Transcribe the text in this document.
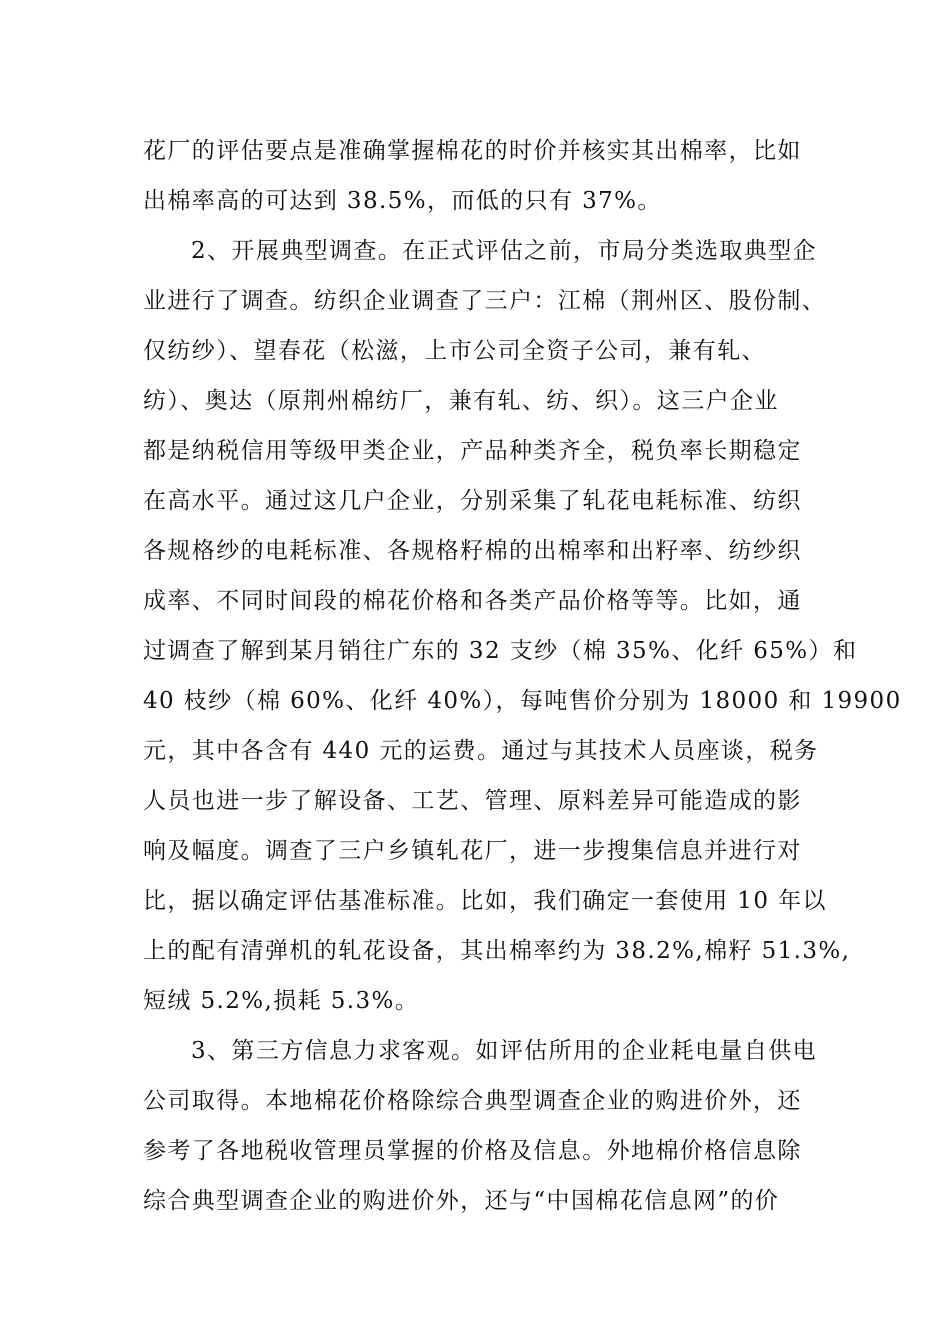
花厂的评估要点是准确掌握棉花的时价并核实其出棉率，比如
出棉率高的可达到 38.5%，而低的只有 37%。
2、开展典型调查。在正式评估之前，市局分类选取典型企
业进行了调查。纺织企业调查了三户：江棉（荆州区、股份制、
仅纺纱）、望春花（松滋，上市公司全资子公司，兼有轧、
纺）、奥达（原荆州棉纺厂，兼有轧、纺、织）。这三户企业
都是纳税信用等级甲类企业，产品种类齐全，税负率长期稳定
在高水平。通过这几户企业，分别采集了轧花电耗标准、纺织
各规格纱的电耗标准、各规格籽棉的出棉率和出籽率、纺纱织
成率、不同时间段的棉花价格和各类产品价格等等。比如，通
过调查了解到某月销往广东的 32 支纱（棉 35%、化纤 65%）和
40 枝纱（棉 60%、化纤 40%），每吨售价分别为 18000 和 19900
元，其中各含有 440 元的运费。通过与其技术人员座谈，税务
人员也进一步了解设备、工艺、管理、原料差异可能造成的影
响及幅度。调查了三户乡镇轧花厂，进一步搜集信息并进行对
比，据以确定评估基准标准。比如，我们确定一套使用 10 年以
上的配有清弹机的轧花设备，其出棉率约为 38.2%,棉籽 51.3%,
短绒 5.2%,损耗 5.3%。
3、第三方信息力求客观。如评估所用的企业耗电量自供电
公司取得。本地棉花价格除综合典型调查企业的购进价外，还
参考了各地税收管理员掌握的价格及信息。外地棉价格信息除
综合典型调查企业的购进价外，还与“中国棉花信息网”的价
